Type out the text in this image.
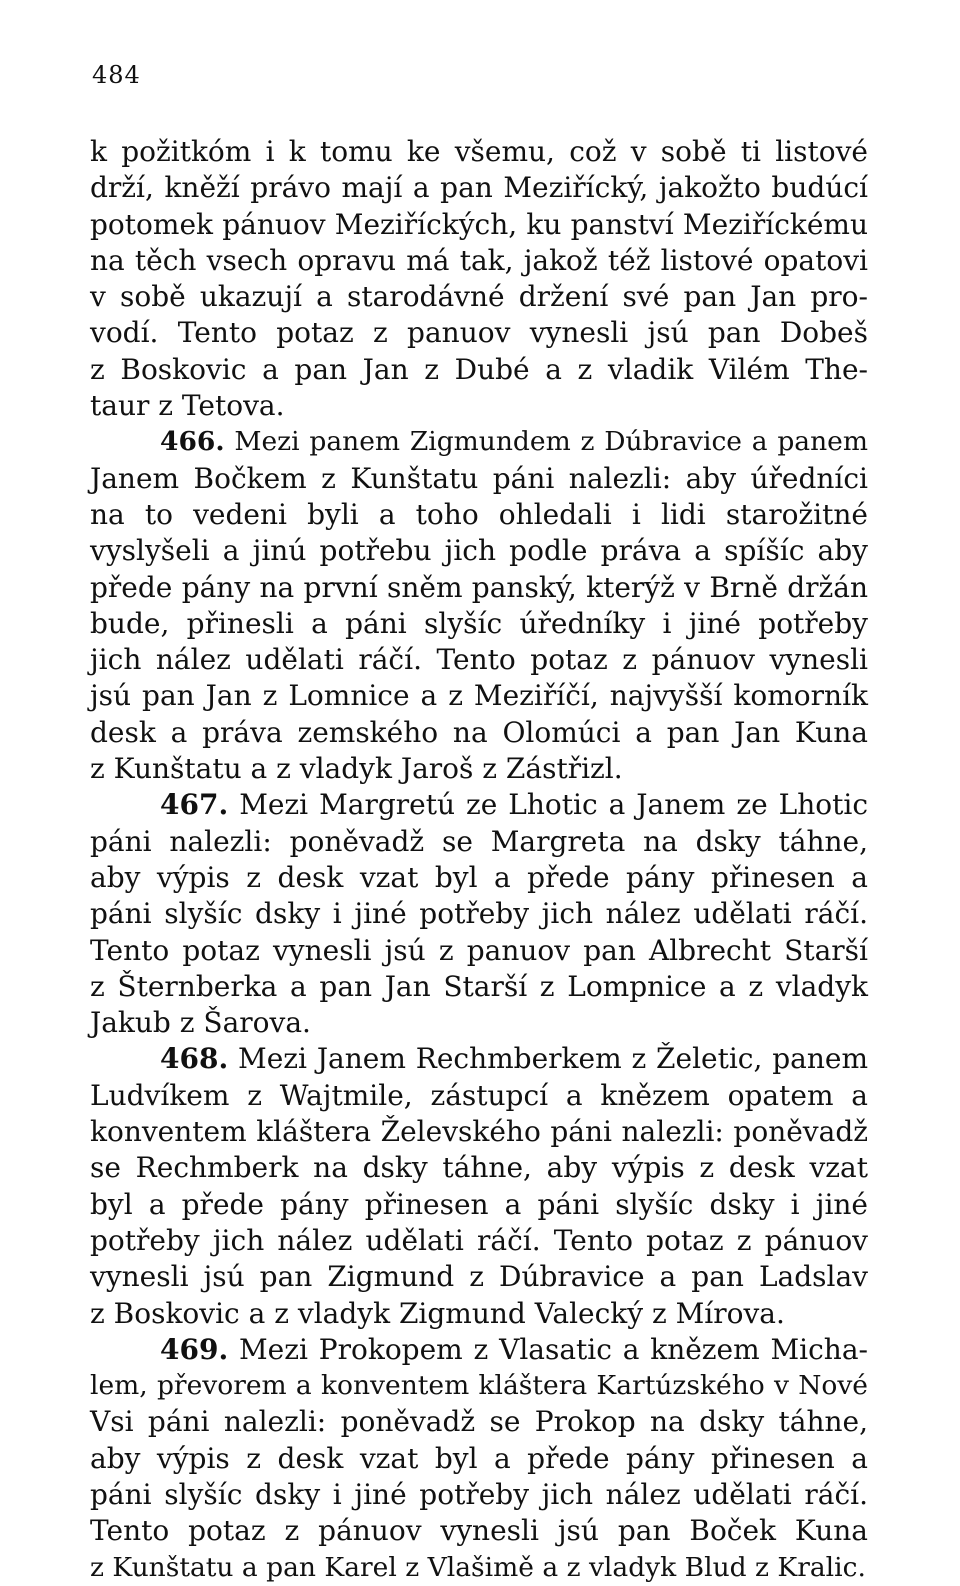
484
k požitkóm i k tomu ke všemu, což v sobě ti listové
drží, kněží právo mají a pan Meziřícký, jakožto budúcí
potomek pánuov Meziříckých, ku panství Meziříckému
na těch vsech opravu má tak, jakož též listové opatovi
v sobě ukazují a starodávné držení své pan Jan pro-
vodí. Tento potaz z panuov vynesli jsú pan Dobeš
z Boskovic a pan Jan z Dubé a z vladik Vilém The-
taur z Tetova.
466. Mezi panem Zigmundem z Dúbravice a panem
Janem Bočkem z Kunštatu páni nalezli: aby úředníci
na to vedeni byli a toho ohledali i lidi starožitné
vyslyšeli a jinú potřebu jich podle práva a spíšíc aby
přede pány na první sněm panský, kterýž v Brně držán
bude, přinesli a páni slyšíc úředníky i jiné potřeby
jich nález udělati ráčí. Tento potaz z pánuov vynesli
jsú pan Jan z Lomnice a z Meziříčí, najvyšší komorník
desk a práva zemského na Olomúci a pan Jan Kuna
z Kunštatu a z vladyk Jaroš z Zástřizl.
467. Mezi Margretú ze Lhotic a Janem ze Lhotic
páni nalezli: poněvadž se Margreta na dsky táhne,
aby výpis z desk vzat byl a přede pány přinesen a
páni slyšíc dsky i jiné potřeby jich nález udělati ráčí.
Tento potaz vynesli jsú z panuov pan Albrecht Starší
z Šternberka a pan Jan Starší z Lompnice a z vladyk
Jakub z Šarova.
468. Mezi Janem Rechmberkem z Želetic, panem
Ludvíkem z Wajtmile, zástupcí a knězem opatem a
konventem kláštera Želevského páni nalezli: poněvadž
se Rechmberk na dsky táhne, aby výpis z desk vzat
byl a přede pány přinesen a páni slyšíc dsky i jiné
potřeby jich nález udělati ráčí. Tento potaz z pánuov
vynesli jsú pan Zigmund z Dúbravice a pan Ladslav
z Boskovic a z vladyk Zigmund Valecký z Mírova.
469. Mezi Prokopem z Vlasatic a knězem Micha-
lem, převorem a konventem kláštera Kartúzského v Nové
Vsi páni nalezli: poněvadž se Prokop na dsky táhne,
aby výpis z desk vzat byl a přede pány přinesen a
páni slyšíc dsky i jiné potřeby jich nález udělati ráčí.
Tento potaz z pánuov vynesli jsú pan Boček Kuna
z Kunštatu a pan Karel z Vlašimě a z vladyk Blud z Kralic.
